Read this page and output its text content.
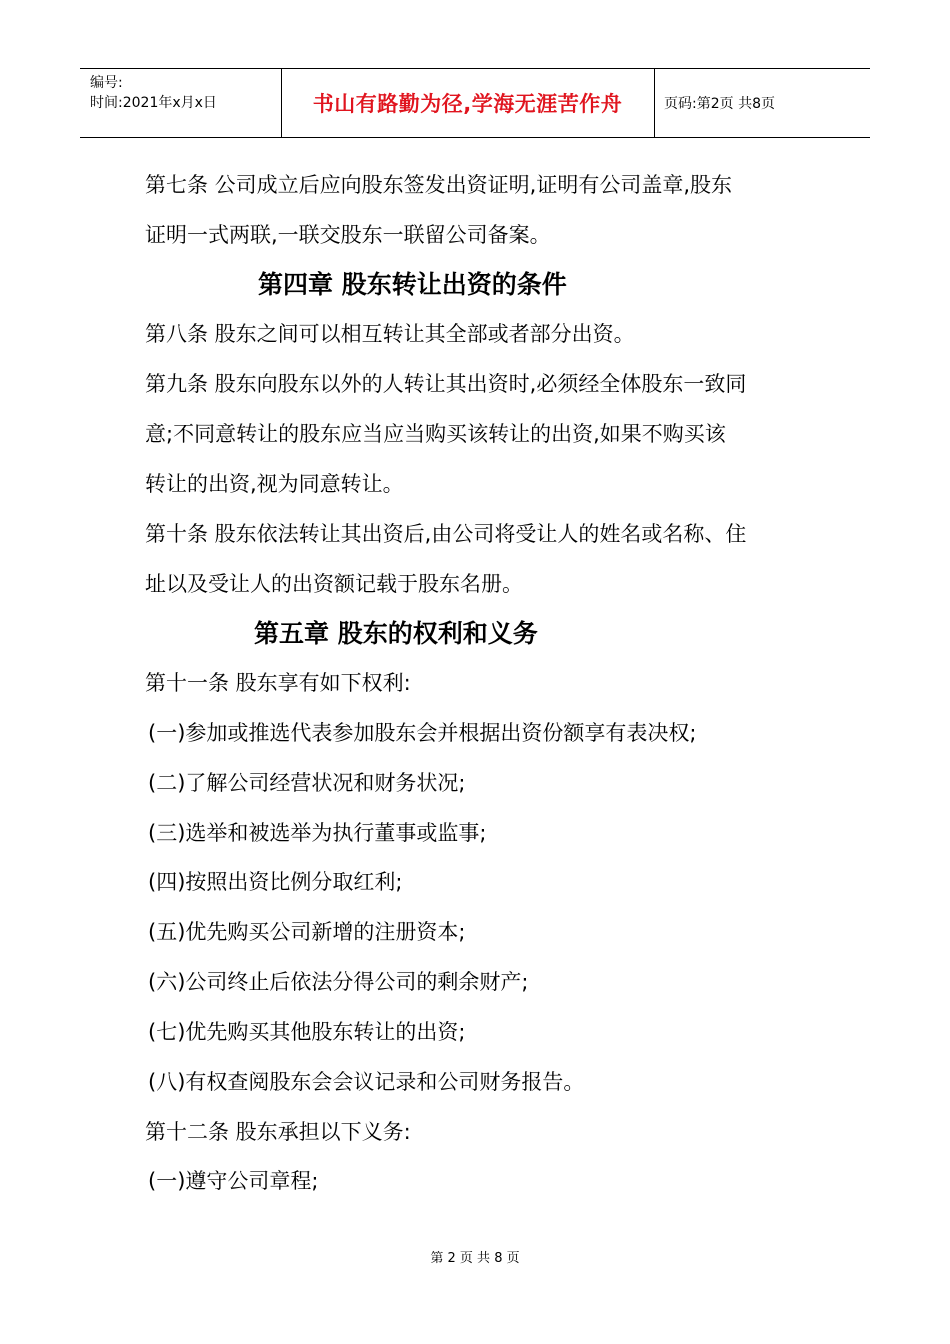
编号:
时间:2021年x月x日	书山有路勤为径,学海无涯苦作舟	页码:第2页 共8页
第七条 公司成立后应向股东签发出资证明,证明有公司盖章,股东
证明一式两联,一联交股东一联留公司备案。
第四章 股东转让出资的条件
第八条 股东之间可以相互转让其全部或者部分出资。
第九条 股东向股东以外的人转让其出资时,必须经全体股东一致同
意;不同意转让的股东应当应当购买该转让的出资,如果不购买该
转让的出资,视为同意转让。
第十条 股东依法转让其出资后,由公司将受让人的姓名或名称、住
址以及受让人的出资额记载于股东名册。
第五章 股东的权利和义务
第十一条 股东享有如下权利:
(一)参加或推选代表参加股东会并根据出资份额享有表决权;
(二)了解公司经营状况和财务状况;
(三)选举和被选举为执行董事或监事;
(四)按照出资比例分取红利;
(五)优先购买公司新增的注册资本;
(六)公司终止后依法分得公司的剩余财产;
(七)优先购买其他股东转让的出资;
(八)有权查阅股东会会议记录和公司财务报告。
第十二条 股东承担以下义务:
(一)遵守公司章程;
第 2 页 共 8 页
